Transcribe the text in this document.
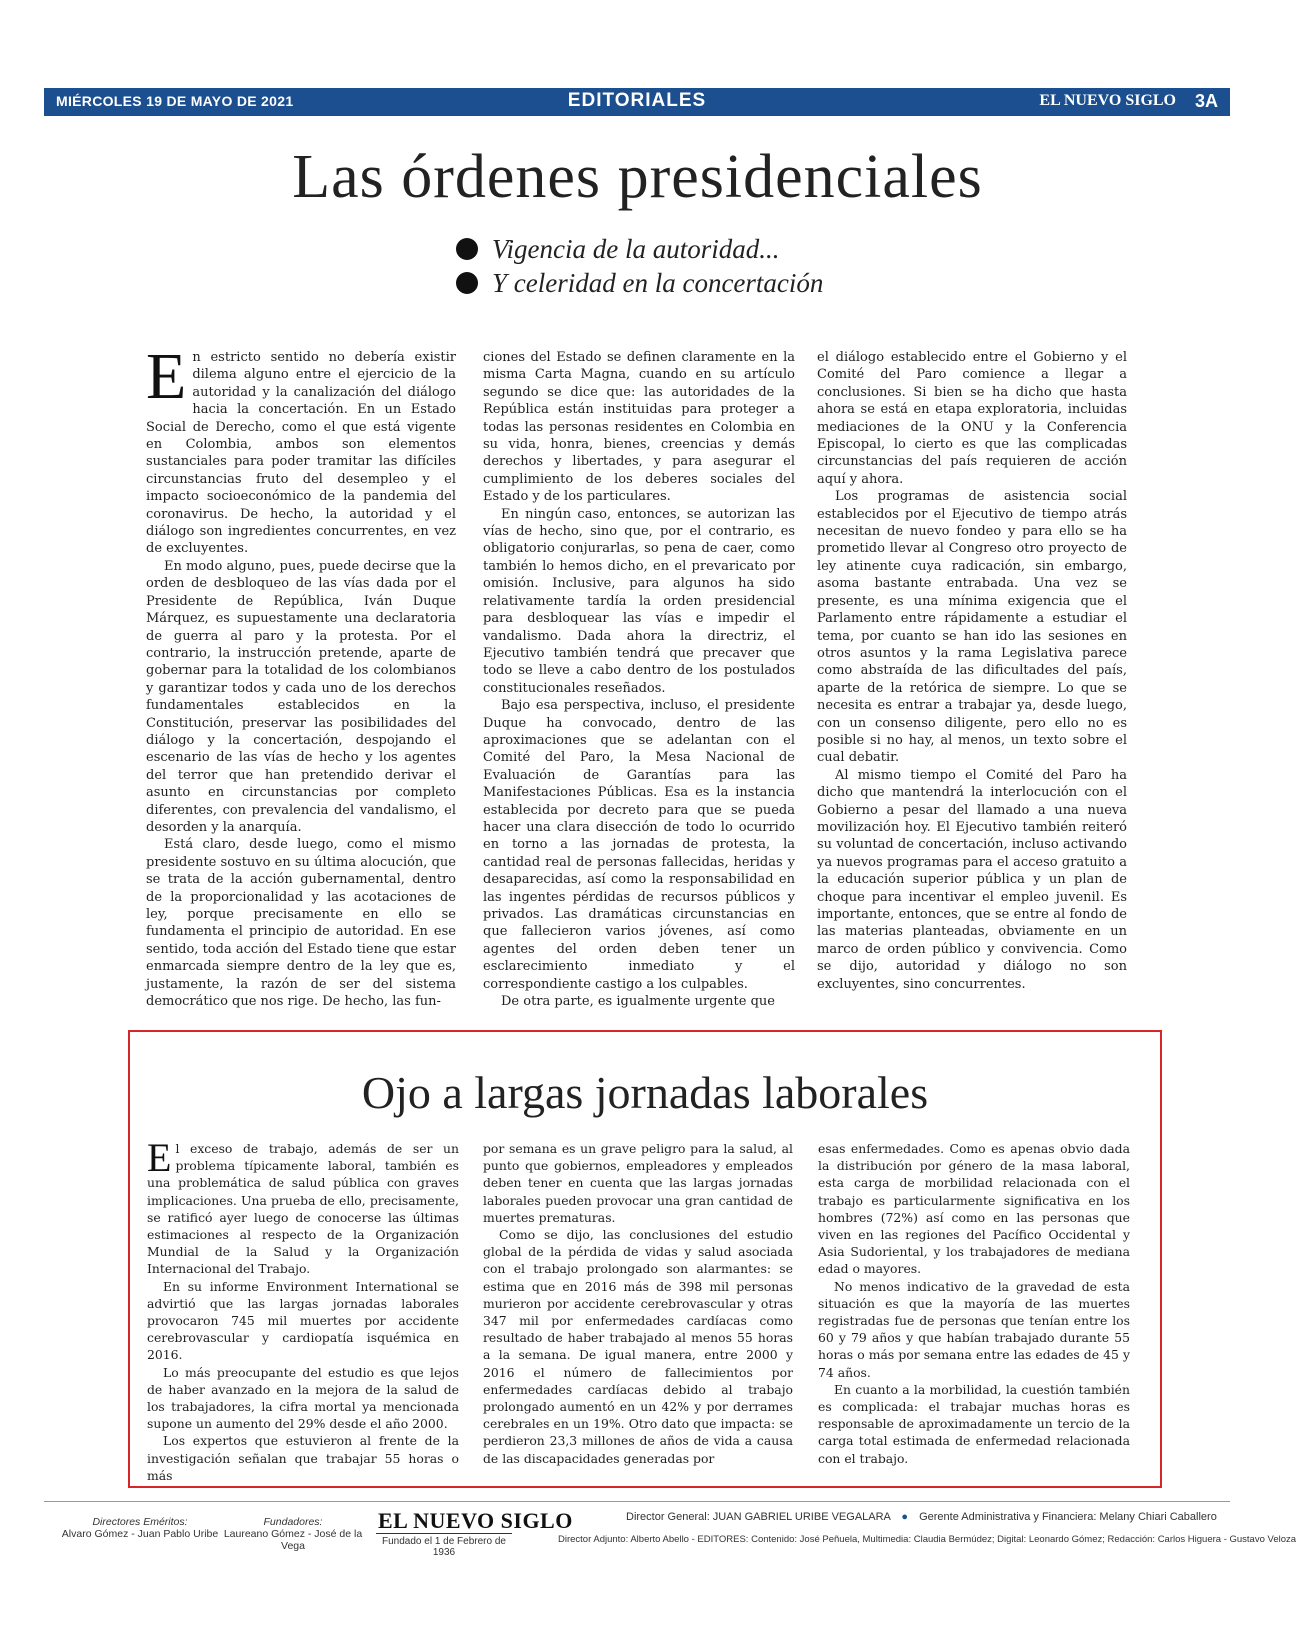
MIÉRCOLES 19 DE MAYO DE 2021	EDITORIALES	EL NUEVO SIGLO 3A
Las órdenes presidenciales
Vigencia de la autoridad...
Y celeridad en la concertación
E n estricto sentido no debería existir dilema alguno entre el ejercicio de la autoridad y la canalización del diálogo hacia la concertación. En un Estado Social de Derecho, como el que está vigente en Colombia, ambos son elementos sustanciales para poder tramitar las difíciles circunstancias fruto del desempleo y el impacto socioeconómico de la pandemia del coronavirus. De hecho, la autoridad y el diálogo son ingredientes concurrentes, en vez de excluyentes.

En modo alguno, pues, puede decirse que la orden de desbloqueo de las vías dada por el Presidente de República, Iván Duque Márquez, es supuestamente una declaratoria de guerra al paro y la protesta. Por el contrario, la instrucción pretende, aparte de gobernar para la totalidad de los colombianos y garantizar todos y cada uno de los derechos fundamentales establecidos en la Constitución, preservar las posibilidades del diálogo y la concertación, despojando el escenario de las vías de hecho y los agentes del terror que han pretendido derivar el asunto en circunstancias por completo diferentes, con prevalencia del vandalismo, el desorden y la anarquía.

Está claro, desde luego, como el mismo presidente sostuvo en su última alocución, que se trata de la acción gubernamental, dentro de la proporcionalidad y las acotaciones de ley, porque precisamente en ello se fundamenta el principio de autoridad. En ese sentido, toda acción del Estado tiene que estar enmarcada siempre dentro de la ley que es, justamente, la razón de ser del sistema democrático que nos rige. De hecho, las fun-

ciones del Estado se definen claramente en la misma Carta Magna, cuando en su artículo segundo se dice que: las autoridades de la República están instituidas para proteger a todas las personas residentes en Colombia en su vida, honra, bienes, creencias y demás derechos y libertades, y para asegurar el cumplimiento de los deberes sociales del Estado y de los particulares.

En ningún caso, entonces, se autorizan las vías de hecho, sino que, por el contrario, es obligatorio conjurarlas, so pena de caer, como también lo hemos dicho, en el prevaricato por omisión. Inclusive, para algunos ha sido relativamente tardía la orden presidencial para desbloquear las vías e impedir el vandalismo. Dada ahora la directriz, el Ejecutivo también tendrá que precaver que todo se lleve a cabo dentro de los postulados constitucionales reseñados.

Bajo esa perspectiva, incluso, el presidente Duque ha convocado, dentro de las aproximaciones que se adelantan con el Comité del Paro, la Mesa Nacional de Evaluación de Garantías para las Manifestaciones Públicas. Esa es la instancia establecida por decreto para que se pueda hacer una clara disección de todo lo ocurrido en torno a las jornadas de protesta, la cantidad real de personas fallecidas, heridas y desaparecidas, así como la responsabilidad en las ingentes pérdidas de recursos públicos y privados. Las dramáticas circunstancias en que fallecieron varios jóvenes, así como agentes del orden deben tener un esclarecimiento inmediato y el correspondiente castigo a los culpables.

De otra parte, es igualmente urgente que

el diálogo establecido entre el Gobierno y el Comité del Paro comience a llegar a conclusiones. Si bien se ha dicho que hasta ahora se está en etapa exploratoria, incluidas mediaciones de la ONU y la Conferencia Episcopal, lo cierto es que las complicadas circunstancias del país requieren de acción aquí y ahora.

Los programas de asistencia social establecidos por el Ejecutivo de tiempo atrás necesitan de nuevo fondeo y para ello se ha prometido llevar al Congreso otro proyecto de ley atinente cuya radicación, sin embargo, asoma bastante entrabada. Una vez se presente, es una mínima exigencia que el Parlamento entre rápidamente a estudiar el tema, por cuanto se han ido las sesiones en otros asuntos y la rama Legislativa parece como abstraída de las dificultades del país, aparte de la retórica de siempre. Lo que se necesita es entrar a trabajar ya, desde luego, con un consenso diligente, pero ello no es posible si no hay, al menos, un texto sobre el cual debatir.

Al mismo tiempo el Comité del Paro ha dicho que mantendrá la interlocución con el Gobierno a pesar del llamado a una nueva movilización hoy. El Ejecutivo también reiteró su voluntad de concertación, incluso activando ya nuevos programas para el acceso gratuito a la educación superior pública y un plan de choque para incentivar el empleo juvenil. Es importante, entonces, que se entre al fondo de las materias planteadas, obviamente en un marco de orden público y convivencia. Como se dijo, autoridad y diálogo no son excluyentes, sino concurrentes.

Ojo a largas jornadas laborales
E l exceso de trabajo, además de ser un problema típicamente laboral, también es una problemática de salud pública con graves implicaciones. Una prueba de ello, precisamente, se ratificó ayer luego de conocerse las últimas estimaciones al respecto de la Organización Mundial de la Salud y la Organización Internacional del Trabajo.

En su informe Environment International se advirtió que las largas jornadas laborales provocaron 745 mil muertes por accidente cerebrovascular y cardiopatía isquémica en 2016.

Lo más preocupante del estudio es que lejos de haber avanzado en la mejora de la salud de los trabajadores, la cifra mortal ya mencionada supone un aumento del 29% desde el año 2000.

Los expertos que estuvieron al frente de la investigación señalan que trabajar 55 horas o más

por semana es un grave peligro para la salud, al punto que gobiernos, empleadores y empleados deben tener en cuenta que las largas jornadas laborales pueden provocar una gran cantidad de muertes prematuras.

Como se dijo, las conclusiones del estudio global de la pérdida de vidas y salud asociada con el trabajo prolongado son alarmantes: se estima que en 2016 más de 398 mil personas murieron por accidente cerebrovascular y otras 347 mil por enfermedades cardíacas como resultado de haber trabajado al menos 55 horas a la semana. De igual manera, entre 2000 y 2016 el número de fallecimientos por enfermedades cardíacas debido al trabajo prolongado aumentó en un 42% y por derrames cerebrales en un 19%. Otro dato que impacta: se perdieron 23,3 millones de años de vida a causa de las discapacidades generadas por

esas enfermedades. Como es apenas obvio dada la distribución por género de la masa laboral, esta carga de morbilidad relacionada con el trabajo es particularmente significativa en los hombres (72%) así como en las personas que viven en las regiones del Pacífico Occidental y Asia Sudoriental, y los trabajadores de mediana edad o mayores.

No menos indicativo de la gravedad de esta situación es que la mayoría de las muertes registradas fue de personas que tenían entre los 60 y 79 años y que habían trabajado durante 55 horas o más por semana entre las edades de 45 y 74 años.

En cuanto a la morbilidad, la cuestión también es complicada: el trabajar muchas horas es responsable de aproximadamente un tercio de la carga total estimada de enfermedad relacionada con el trabajo.

Directores Eméritos:
Alvaro Gómez - Juan Pablo Uribe
Fundadores:
Laureano Gómez - José de la Vega
EL NUEVO SIGLO
Fundado el 1 de Febrero de 1936
Director General: JUAN GABRIEL URIBE VEGALARA ● Gerente Administrativa y Financiera: Melany Chiari Caballero
Director Adjunto: Alberto Abello - EDITORES: Contenido: José Peñuela, Multimedia: Claudia Bermúdez; Digital: Leonardo Gómez; Redacción: Carlos Higuera - Gustavo Veloza
